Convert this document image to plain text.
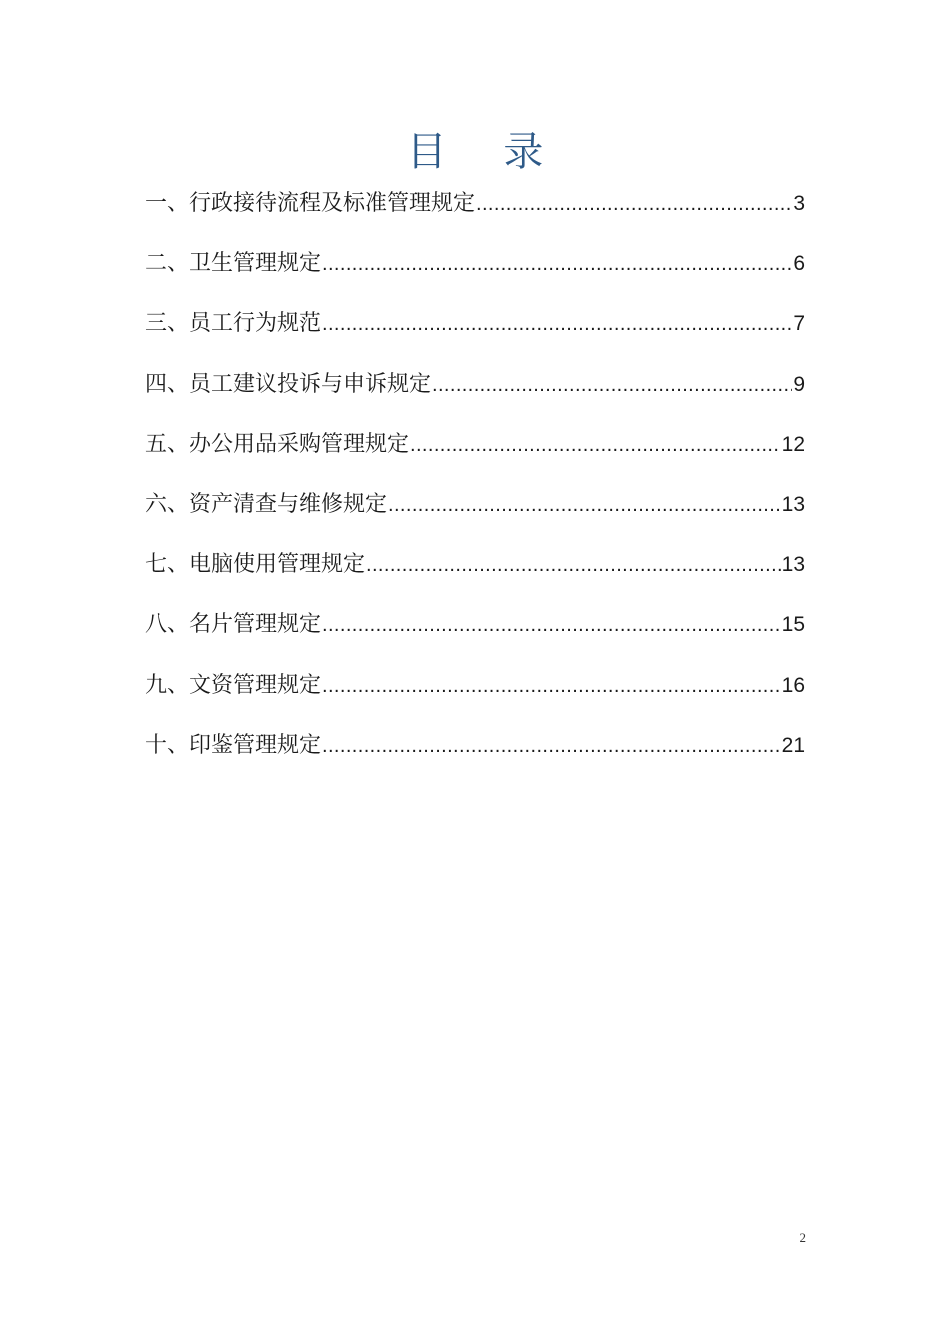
目 录
一、行政接待流程及标准管理规定 .....	3
二、卫生管理规定 .....	6
三、员工行为规范 .....	7
四、员工建议投诉与申诉规定 .....	9
五、办公用品采购管理规定 .....	12
六、资产清查与维修规定 .....	13
七、电脑使用管理规定 .....	13
八、名片管理规定 .....	15
九、文资管理规定 .....	16
十、印鉴管理规定 .....	21
2
